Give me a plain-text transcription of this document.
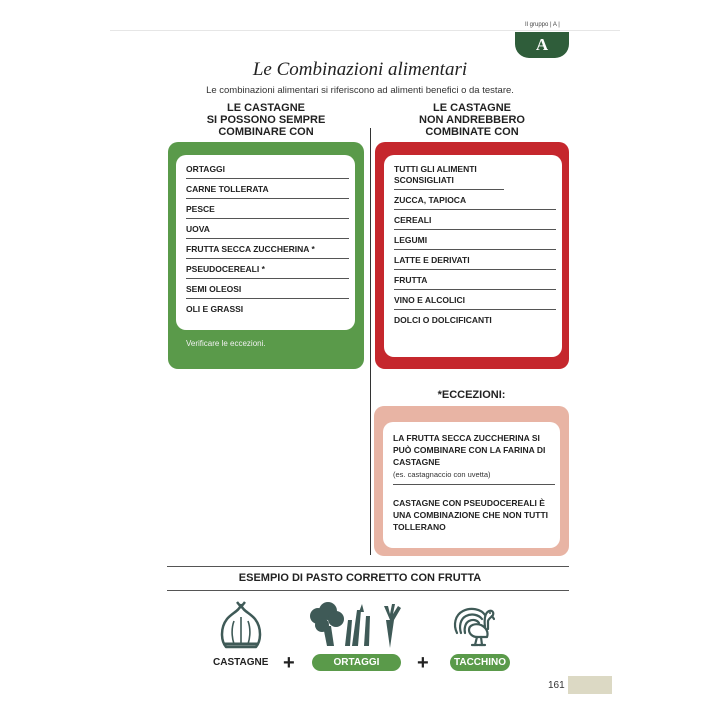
Il gruppo | A |
A
Le Combinazioni alimentari
Le combinazioni alimentari si riferiscono ad alimenti benefici o da testare.
LE CASTAGNE
SI POSSONO SEMPRE
COMBINARE CON
LE CASTAGNE
NON ANDREBBERO
COMBINATE CON
ORTAGGI
CARNE TOLLERATA
PESCE
UOVA
FRUTTA SECCA ZUCCHERINA *
PSEUDOCEREALI *
SEMI OLEOSI
OLI E GRASSI
Verificare le eccezioni.
TUTTI GLI ALIMENTI SCONSIGLIATI
ZUCCA, TAPIOCA
CEREALI
LEGUMI
LATTE E DERIVATI
FRUTTA
VINO E ALCOLICI
DOLCI O DOLCIFICANTI
*ECCEZIONI:
LA FRUTTA SECCA ZUCCHERINA SI PUÒ COMBINARE CON LA FARINA DI CASTAGNE
(es. castagnaccio con uvetta)
CASTAGNE CON PSEUDOCEREALI È UNA COMBINAZIONE CHE NON TUTTI TOLLERANO
ESEMPIO DI PASTO CORRETTO CON FRUTTA
CASTAGNE +	ORTAGGI	+	TACCHINO
161
